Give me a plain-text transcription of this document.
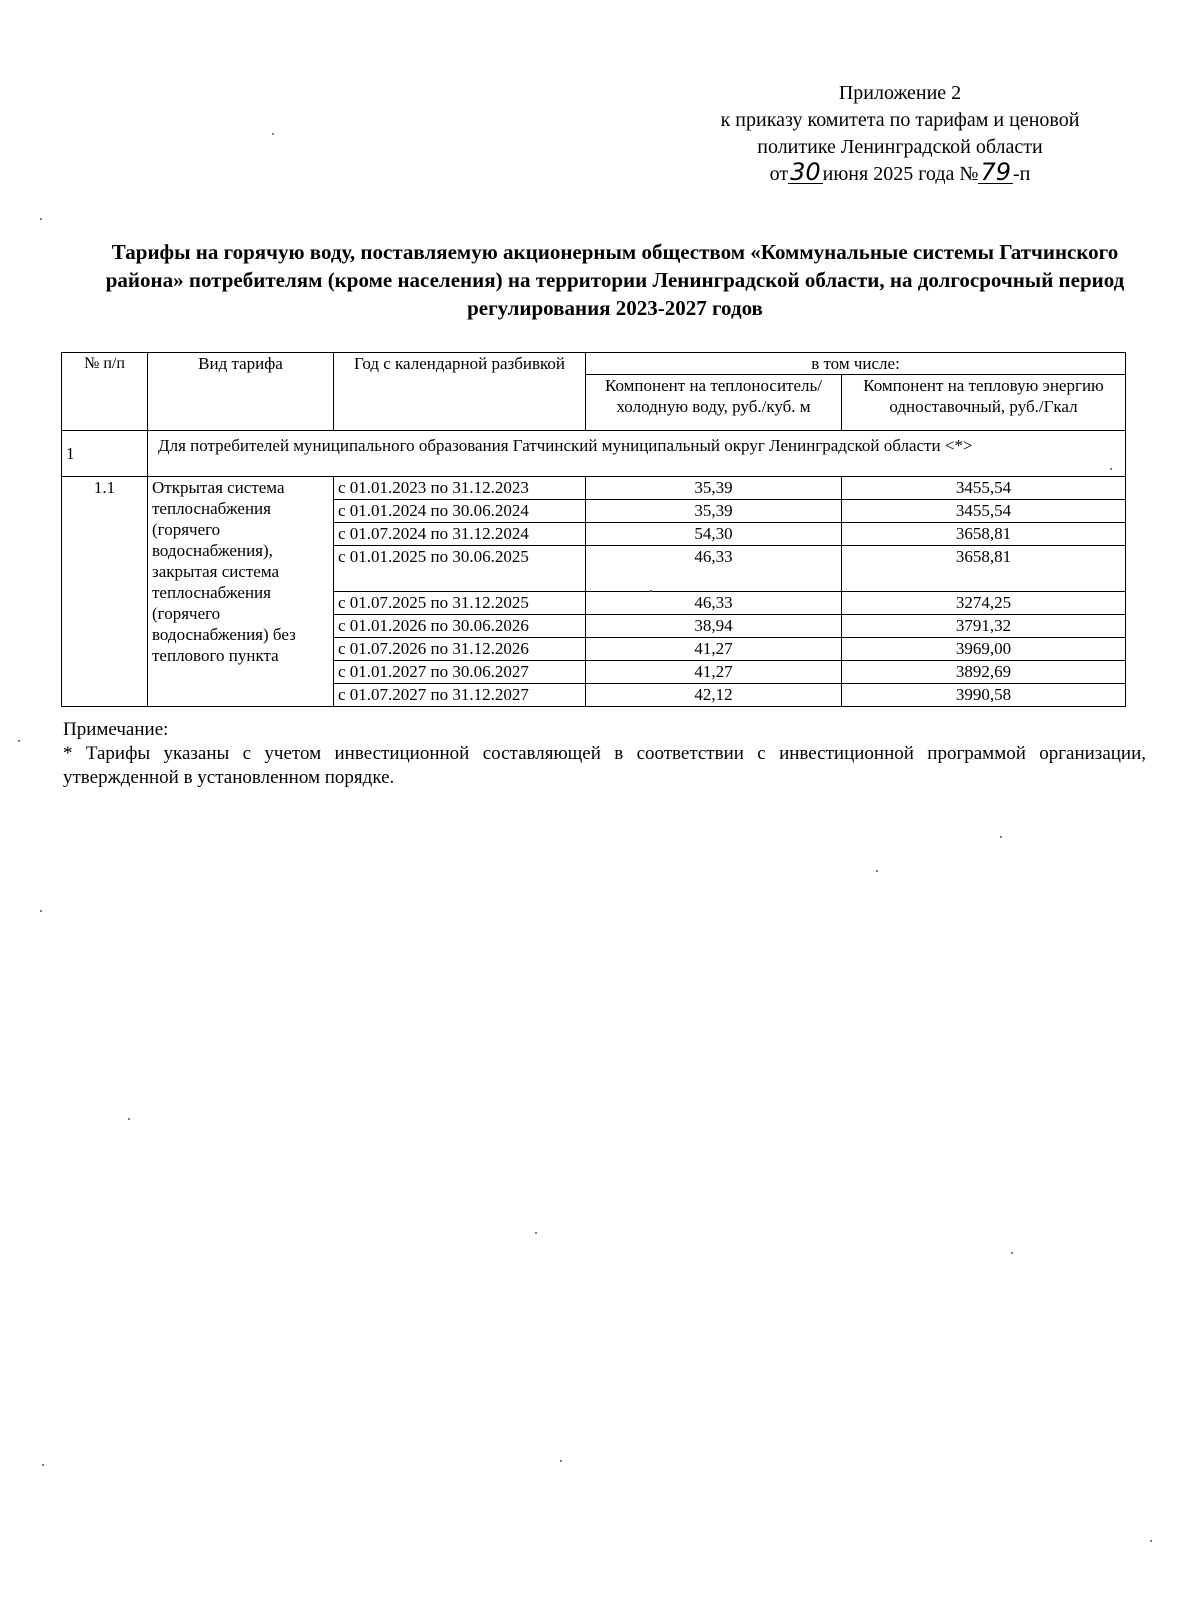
Приложение 2
к приказу комитета по тарифам и ценовой
политике Ленинградской области
от30 июня 2025 года №79 -п
Тарифы на горячую воду, поставляемую акционерным обществом «Коммунальные системы Гатчинского района» потребителям (кроме населения) на территории Ленинградской области, на долгосрочный период регулирования 2023-2027 годов
№ п/п	Вид тарифа	Год с календарной разбивкой	в том числе:	
			Компонент на теплоноситель/холодную воду, руб./куб. м	Компонент на тепловую энергию одноставочный, руб./Гкал
1	Для потребителей муниципального образования Гатчинский муниципальный округ Ленинградской области <*>			
1.1	Открытая система теплоснабжения (горячего водоснабжения), закрытая система теплоснабжения (горячего водоснабжения) без теплового пункта	с 01.01.2023 по 31.12.2023	35,39	3455,54
		с 01.01.2024 по 30.06.2024	35,39	3455,54
		с 01.07.2024 по 31.12.2024	54,30	3658,81
		с 01.01.2025 по 30.06.2025	46,33	3658,81
		с 01.07.2025 по 31.12.2025	46,33	3274,25
		с 01.01.2026 по 30.06.2026	38,94	3791,32
		с 01.07.2026 по 31.12.2026	41,27	3969,00
		с 01.01.2027 по 30.06.2027	41,27	3892,69
		с 01.07.2027 по 31.12.2027	42,12	3990,58
Примечание:

* Тарифы указаны с учетом инвестиционной составляющей в соответствии с инвестиционной программой организации, утвержденной в установленном порядке.
